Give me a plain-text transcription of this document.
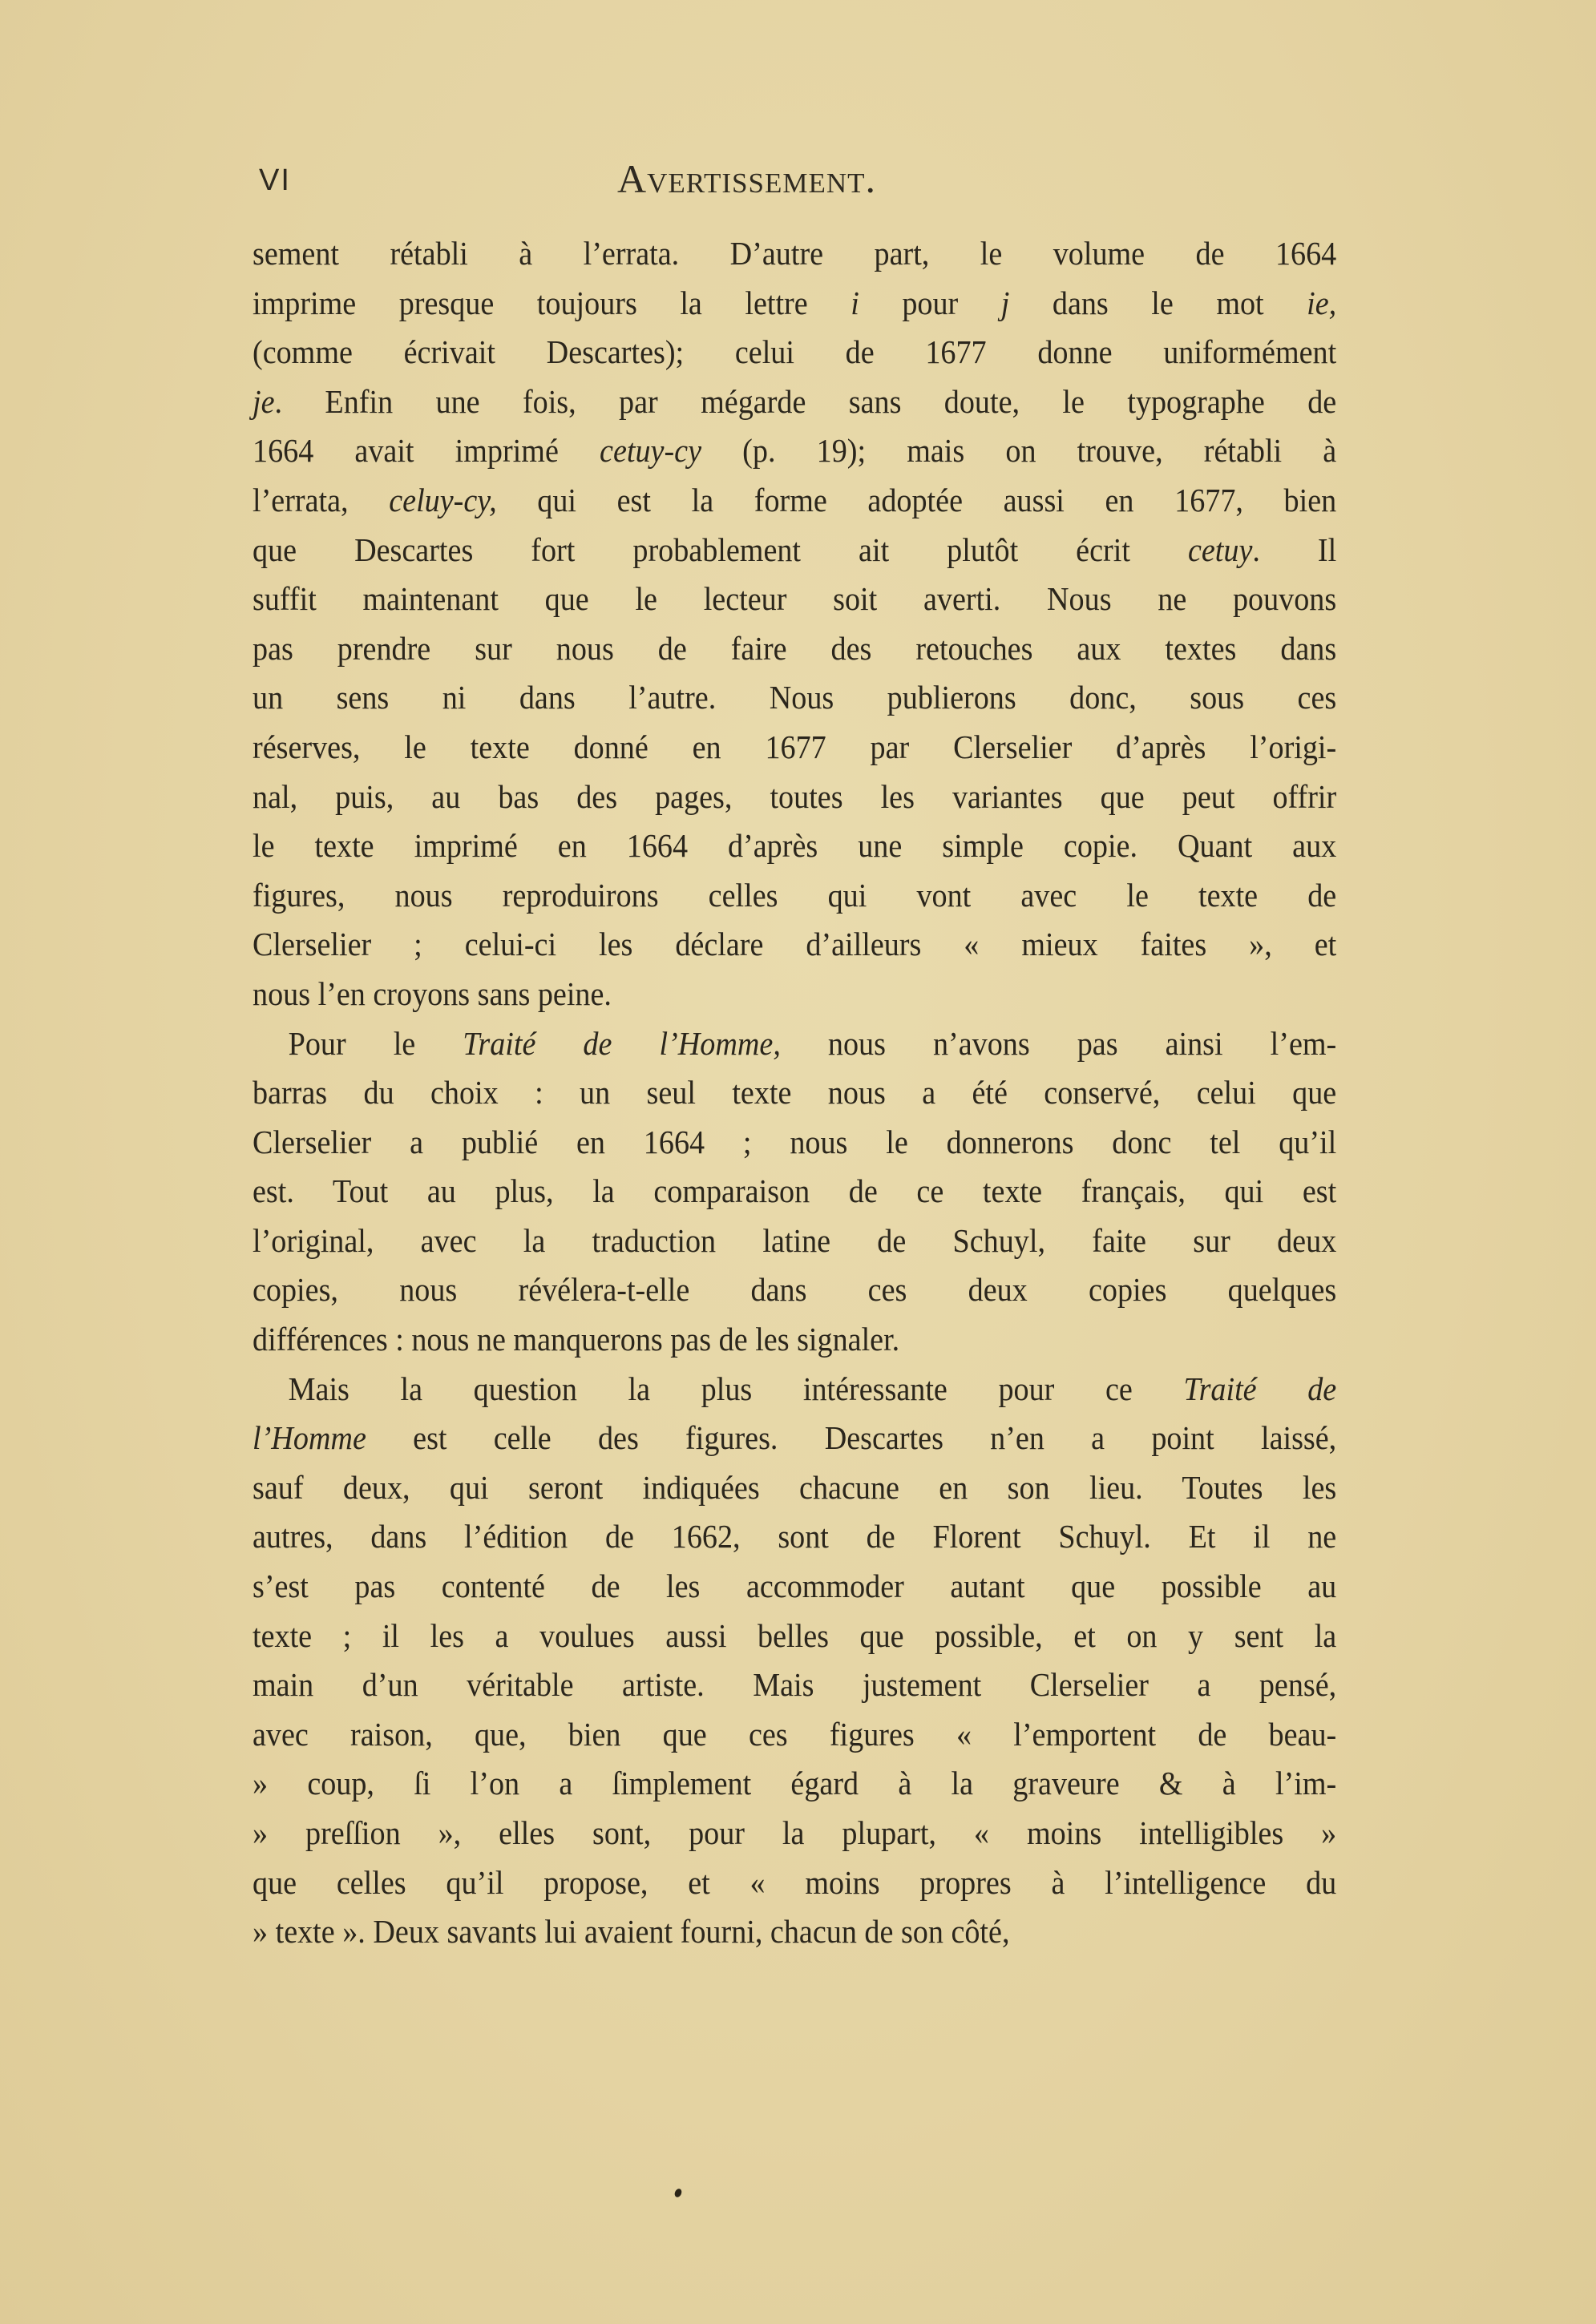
VI	Avertissement.
sement rétabli à l’errata. D’autre part, le volume de 1664
imprime presque toujours la lettre i pour j dans le mot ie,
(comme écrivait Descartes); celui de 1677 donne uniformément
je. Enfin une fois, par mégarde sans doute, le typographe de
1664 avait imprimé cetuy-cy (p. 19); mais on trouve, rétabli à
l’errata, celuy-cy, qui est la forme adoptée aussi en 1677, bien
que Descartes fort probablement ait plutôt écrit cetuy. Il
suffit maintenant que le lecteur soit averti. Nous ne pouvons
pas prendre sur nous de faire des retouches aux textes dans
un sens ni dans l’autre. Nous publierons donc, sous ces
réserves, le texte donné en 1677 par Clerselier d’après l’origi-
nal, puis, au bas des pages, toutes les variantes que peut offrir
le texte imprimé en 1664 d’après une simple copie. Quant aux
figures, nous reproduirons celles qui vont avec le texte de
Clerselier ; celui-ci les déclare d’ailleurs « mieux faites », et
nous l’en croyons sans peine.
Pour le Traité de l’Homme, nous n’avons pas ainsi l’em-
barras du choix : un seul texte nous a été conservé, celui que
Clerselier a publié en 1664 ; nous le donnerons donc tel qu’il
est. Tout au plus, la comparaison de ce texte français, qui est
l’original, avec la traduction latine de Schuyl, faite sur deux
copies, nous révélera-t-elle dans ces deux copies quelques
différences : nous ne manquerons pas de les signaler.
Mais la question la plus intéressante pour ce Traité de
l’Homme est celle des figures. Descartes n’en a point laissé,
sauf deux, qui seront indiquées chacune en son lieu. Toutes les
autres, dans l’édition de 1662, sont de Florent Schuyl. Et il ne
s’est pas contenté de les accommoder autant que possible au
texte ; il les a voulues aussi belles que possible, et on y sent la
main d’un véritable artiste. Mais justement Clerselier a pensé,
avec raison, que, bien que ces figures « l’emportent de beau-
» coup, ſi l’on a ſimplement égard à la graveure & à l’im-
» preſſion », elles sont, pour la plupart, « moins intelligibles »
que celles qu’il propose, et « moins propres à l’intelligence du
» texte ». Deux savants lui avaient fourni, chacun de son côté,
